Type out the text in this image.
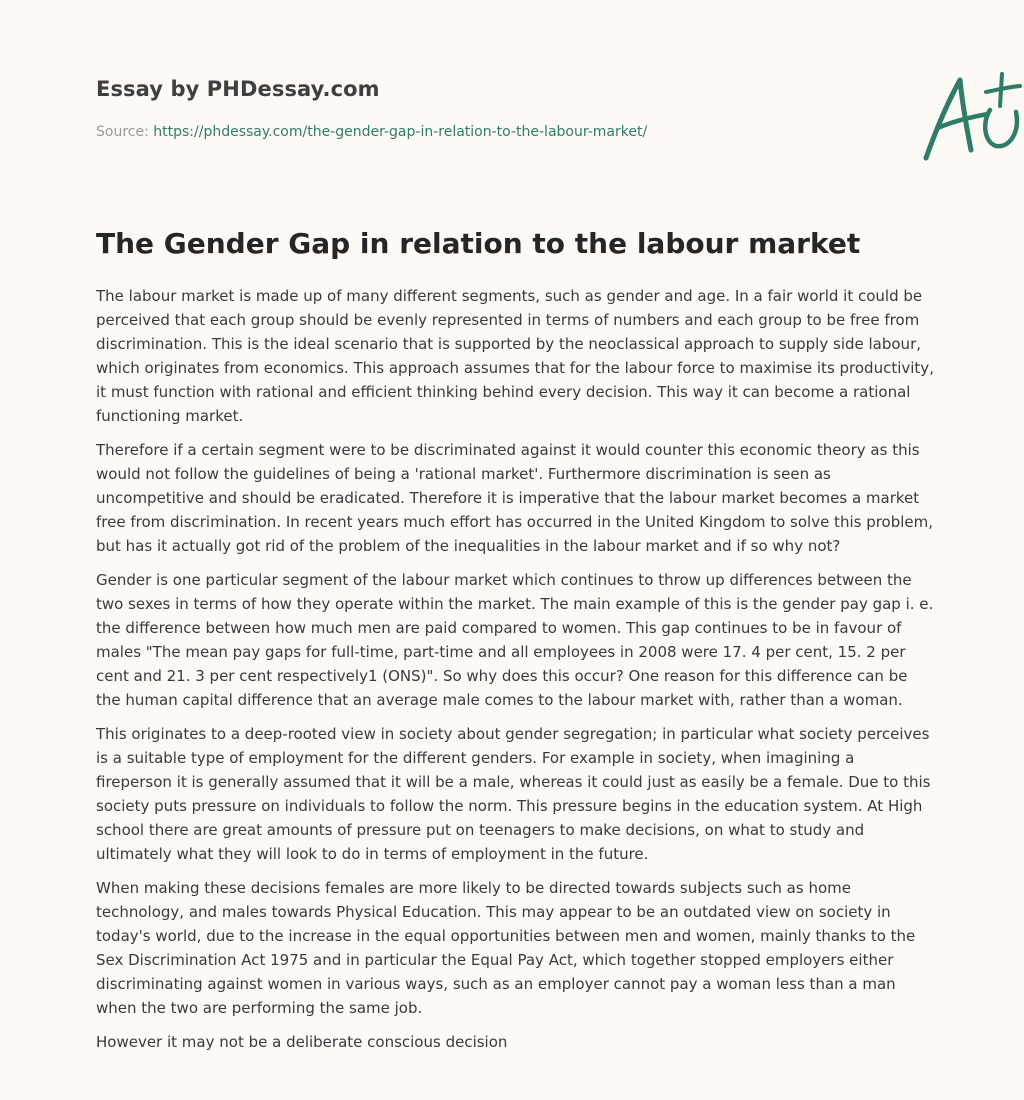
Essay by PHDessay.com
Source: https://phdessay.com/the-gender-gap-in-relation-to-the-labour-market/
The Gender Gap in relation to the labour market

The labour market is made up of many different segments, such as gender and age. In a fair world it could be perceived that each group should be evenly represented in terms of numbers and each group to be free from discrimination. This is the ideal scenario that is supported by the neoclassical approach to supply side labour, which originates from economics. This approach assumes that for the labour force to maximise its productivity, it must function with rational and efficient thinking behind every decision. This way it can become a rational functioning market.

Therefore if a certain segment were to be discriminated against it would counter this economic theory as this would not follow the guidelines of being a 'rational market'. Furthermore discrimination is seen as uncompetitive and should be eradicated. Therefore it is imperative that the labour market becomes a market free from discrimination. In recent years much effort has occurred in the United Kingdom to solve this problem, but has it actually got rid of the problem of the inequalities in the labour market and if so why not?

Gender is one particular segment of the labour market which continues to throw up differences between the two sexes in terms of how they operate within the market. The main example of this is the gender pay gap i. e. the difference between how much men are paid compared to women. This gap continues to be in favour of males "The mean pay gaps for full-time, part-time and all employees in 2008 were 17. 4 per cent, 15. 2 per cent and 21. 3 per cent respectively1 (ONS)". So why does this occur? One reason for this difference can be the human capital difference that an average male comes to the labour market with, rather than a woman.

This originates to a deep-rooted view in society about gender segregation; in particular what society perceives is a suitable type of employment for the different genders. For example in society, when imagining a fireperson it is generally assumed that it will be a male, whereas it could just as easily be a female. Due to this society puts pressure on individuals to follow the norm. This pressure begins in the education system. At High school there are great amounts of pressure put on teenagers to make decisions, on what to study and ultimately what they will look to do in terms of employment in the future.

When making these decisions females are more likely to be directed towards subjects such as home technology, and males towards Physical Education. This may appear to be an outdated view on society in today's world, due to the increase in the equal opportunities between men and women, mainly thanks to the Sex Discrimination Act 1975 and in particular the Equal Pay Act, which together stopped employers either discriminating against women in various ways, such as an employer cannot pay a woman less than a man when the two are performing the same job.

However it may not be a deliberate conscious decision
